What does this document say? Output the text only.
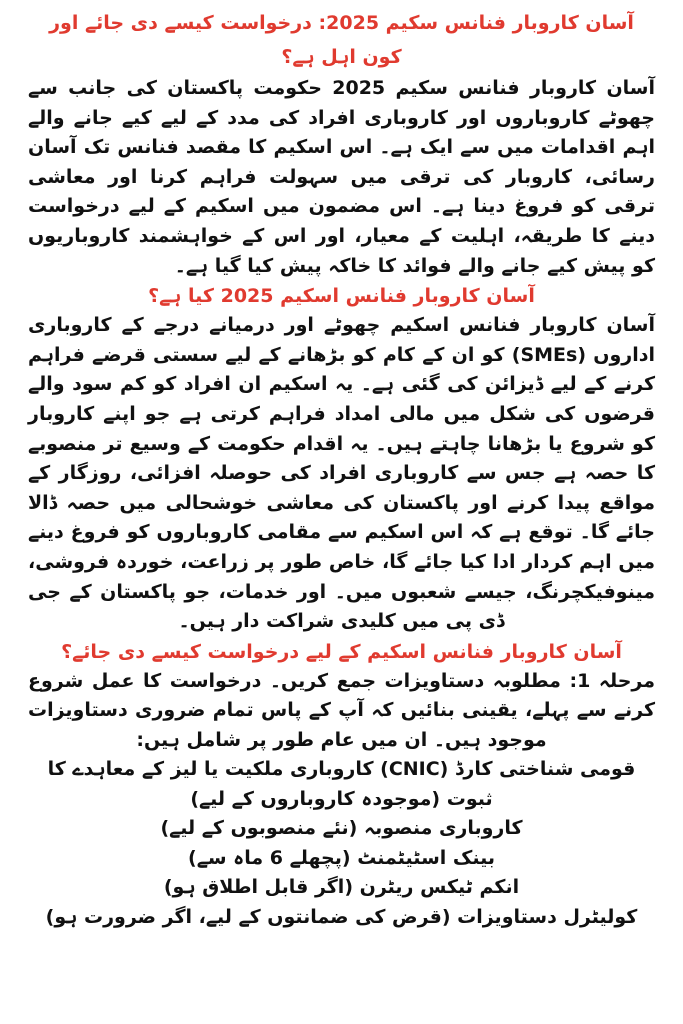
آسان کاروبار فنانس سکیم 2025: درخواست کیسے دی جائے اور کون اہل ہے؟

آسان کاروبار فنانس سکیم 2025 حکومت پاکستان کی جانب سے چھوٹے کاروباروں اور کاروباری افراد کی مدد کے لیے کیے جانے والے اہم اقدامات میں سے ایک ہے۔ اس اسکیم کا مقصد فنانس تک آسان رسائی، کاروبار کی ترقی میں سہولت فراہم کرنا اور معاشی ترقی کو فروغ دینا ہے۔ اس مضمون میں اسکیم کے لیے درخواست دینے کا طریقہ، اہلیت کے معیار، اور اس کے خواہشمند کاروباریوں کو پیش کیے جانے والے فوائد کا خاکہ پیش کیا گیا ہے۔

آسان کاروبار فنانس اسکیم 2025 کیا ہے؟

آسان کاروبار فنانس اسکیم چھوٹے اور درمیانے درجے کے کاروباری اداروں (SMEs) کو ان کے کام کو بڑھانے کے لیے سستی قرضے فراہم کرنے کے لیے ڈیزائن کی گئی ہے۔ یہ اسکیم ان افراد کو کم سود والے قرضوں کی شکل میں مالی امداد فراہم کرتی ہے جو اپنے کاروبار کو شروع یا بڑھانا چاہتے ہیں۔ یہ اقدام حکومت کے وسیع تر منصوبے کا حصہ ہے جس سے کاروباری افراد کی حوصلہ افزائی، روزگار کے مواقع پیدا کرنے اور پاکستان کی معاشی خوشحالی میں حصہ ڈالا جائے گا۔ توقع ہے کہ اس اسکیم سے مقامی کاروباروں کو فروغ دینے میں اہم کردار ادا کیا جائے گا، خاص طور پر زراعت، خوردہ فروشی، مینوفیکچرنگ، جیسے شعبوں میں۔ اور خدمات، جو پاکستان کے جی ڈی پی میں کلیدی شراکت دار ہیں۔

آسان کاروبار فنانس اسکیم کے لیے درخواست کیسے دی جائے؟

مرحلہ 1: مطلوبہ دستاویزات جمع کریں۔ درخواست کا عمل شروع کرنے سے پہلے، یقینی بنائیں کہ آپ کے پاس تمام ضروری دستاویزات موجود ہیں۔ ان میں عام طور پر شامل ہیں:

قومی شناختی کارڈ (CNIC) کاروباری ملکیت یا لیز کے معاہدے کا ثبوت (موجودہ کاروباروں کے لیے)
کاروباری منصوبہ (نئے منصوبوں کے لیے)
بینک اسٹیٹمنٹ (پچھلے 6 ماہ سے)
انکم ٹیکس ریٹرن (اگر قابل اطلاق ہو)
کولیٹرل دستاویزات (قرض کی ضمانتوں کے لیے، اگر ضرورت ہو)
